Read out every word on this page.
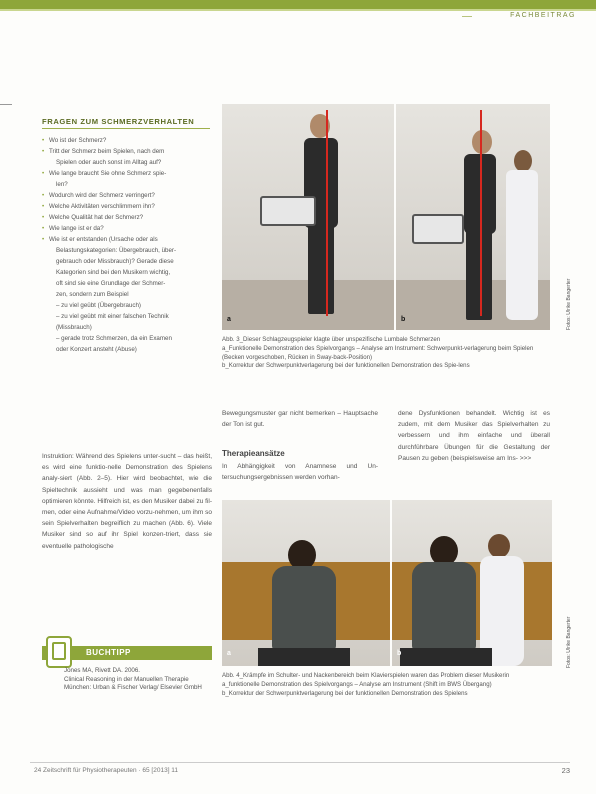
FACHBEITRAG
FRAGEN ZUM SCHMERZVERHALTEN
• Wo ist der Schmerz?
• Tritt der Schmerz beim Spielen, nach dem
Spielen oder auch sonst im Alltag auf?
• Wie lange braucht Sie ohne Schmerz spie-
len?
• Wodurch wird der Schmerz verringert?
• Welche Aktivitäten verschlimmern ihn?
• Welche Qualität hat der Schmerz?
• Wie lange ist er da?
• Wie ist er entstanden (Ursache oder als
Belastungskategorien: Übergebrauch, über-
gebrauch oder Missbrauch)? Gerade diese
Kategorien sind bei den Musikern wichtig,
oft sind sie eine Grundlage der Schmer-
zen, sondern zum Beispiel
– zu viel geübt (Übergebrauch)
– zu viel geübt mit einer falschen Technik
(Missbrauch)
– gerade trotz Schmerzen, da ein Examen
oder Konzert ansteht (Abuse)

Instruktion: Während des Spielens unter-sucht – das heißt, es wird eine funktio-nelle Demonstration des Spielens analy-siert (Abb. 2–5). Hier wird beobachtet, wie die Spieltechnik aussieht und was man gegebenenfalls optimieren könnte. Hilfreich ist, es den Musiker dabei zu fil-men, oder eine Aufnahme/Video vorzu-nehmen, um ihm so sein Spielverhalten begreiflich zu machen (Abb. 6). Viele Musiker sind so auf ihr Spiel konzen-triert, dass sie eventuelle pathologische

a	b	Fotos: Ulrike Bangerter

Abb. 3_Dieser Schlagzeugspieler klagte über unspezifische Lumbale Schmerzen
a_Funktionelle Demonstration des Spielvorgangs – Analyse am Instrument: Schwerpunkt-verlagerung beim Spielen (Becken vorgeschoben, Rücken in Sway-back-Position)
b_Korrektur der Schwerpunktverlagerung bei der funktionellen Demonstration des Spie-lens

Bewegungsmuster gar nicht bemerken – Hauptsache der Ton ist gut.

Therapieansätze

In Abhängigkeit von Anamnese und Un-tersuchungsergebnissen werden vorhan-

dene Dysfunktionen behandelt. Wichtig ist es zudem, mit dem Musiker das Spielverhalten zu verbessern und ihm einfache und überall durchführbare Übungen für die Gestaltung der Pausen zu geben (beispielsweise am Ins- >>>

a	b	Fotos: Ulrike Bangerter

Abb. 4_Krämpfe im Schulter- und Nackenbereich beim Klavierspielen waren das Problem dieser Musikerin
a_funktionelle Demonstration des Spielvorgangs – Analyse am Instrument (Shift im BWS Übergang)
b_Korrektur der Schwerpunktverlagerung bei der funktionellen Demonstration des Spielens

BUCHTIPP
Jones MA, Rivett DA. 2006.
Clinical Reasoning in der Manuellen Therapie
München: Urban & Fischer Verlag/ Elsevier GmbH
24 Zeitschrift für Physiotherapeuten · 65 [2013] 11	23
